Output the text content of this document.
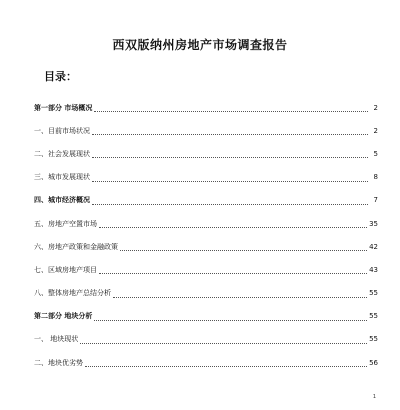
西双版纳州房地产市场调查报告
目录：
第一部分 市场概况	2
一、目前市场状况	2
二、社会发展现状	5
三、城市发展现状	8
四、城市经济概况	7
五、房地产空置市场	35
六、房地产政策和金融政策	42
七、区域房地产项目	43
八、整体房地产总结分析	55
第二部分 地块分析	55
一、 地块现状	55
二、地块优劣势	56
1
